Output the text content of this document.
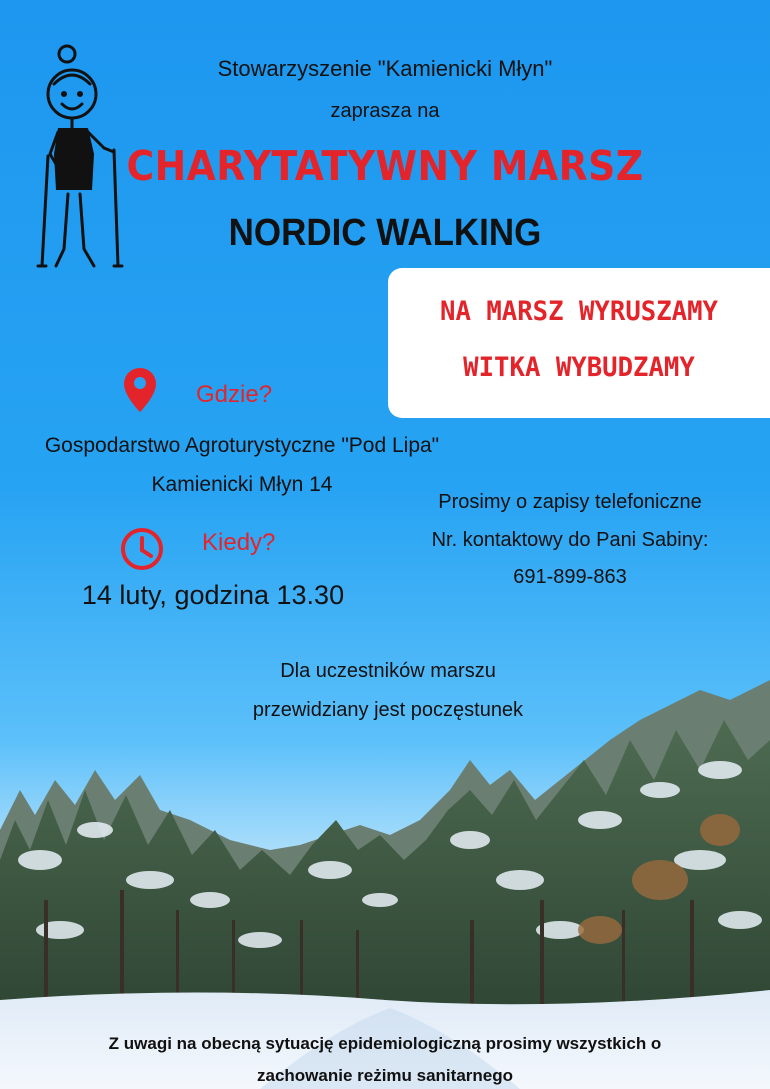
Stowarzyszenie "Kamienicki Młyn"
zaprasza na
CHARYTATYWNY MARSZ
NORDIC WALKING
NA MARSZ WYRUSZAMY
WITKA WYBUDZAMY
Gdzie?
Gospodarstwo Agroturystyczne "Pod Lipa"
Kamienicki Młyn 14
Kiedy?
14 luty, godzina 13.30
Prosimy o zapisy telefoniczne
Nr. kontaktowy do Pani Sabiny:
691-899-863
Dla uczestników marszu
przewidziany jest poczęstunek
Z uwagi na obecną sytuację epidemiologiczną prosimy wszystkich o
zachowanie reżimu sanitarnego
